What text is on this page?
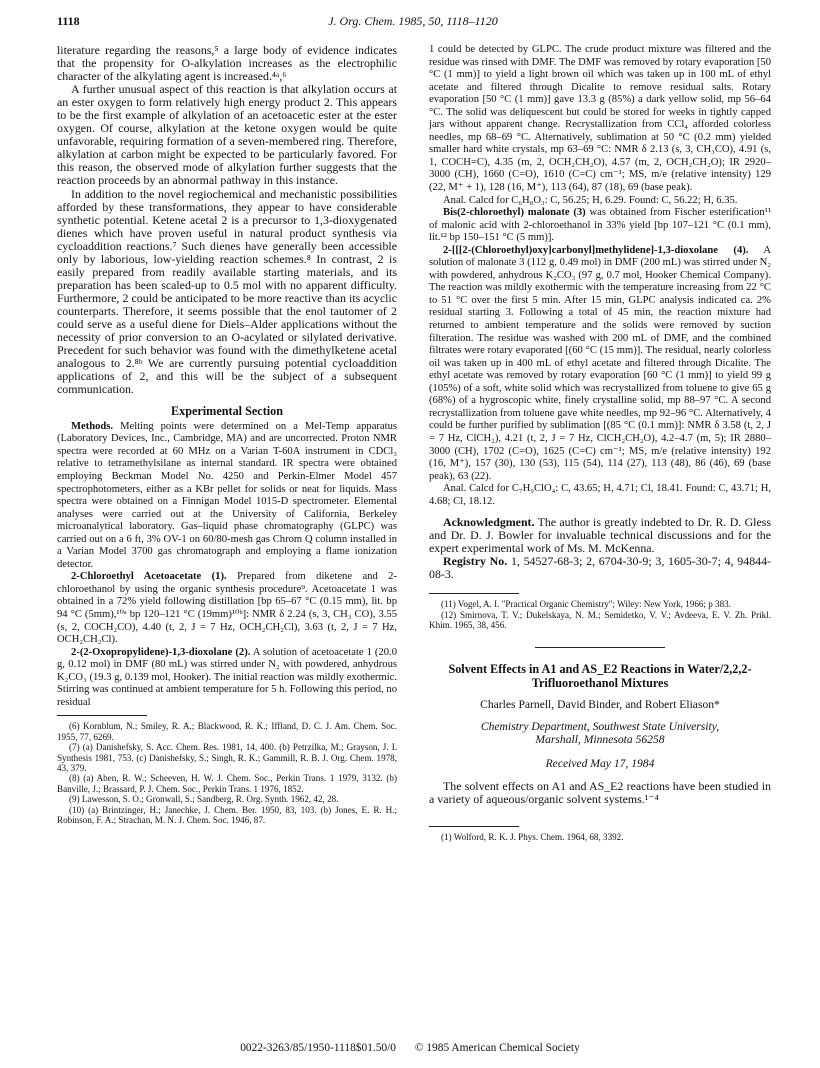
1118	J. Org. Chem. 1985, 50, 1118–1120

literature regarding the reasons,⁵ a large body of evidence indicates that the propensity for O-alkylation increases as the electrophilic character of the alkylating agent is increased.⁴ᵃ,⁶

A further unusual aspect of this reaction is that alkylation occurs at an ester oxygen to form relatively high energy product 2. This appears to be the first example of alkylation of an acetoacetic ester at the ester oxygen. Of course, alkylation at the ketone oxygen would be quite unfavorable, requiring formation of a seven-membered ring. Therefore, alkylation at carbon might be expected to be particularly favored. For this reason, the observed mode of alkylation further suggests that the reaction proceeds by an abnormal pathway in this instance.

In addition to the novel regiochemical and mechanistic possibilities afforded by these transformations, they appear to have considerable synthetic potential. Ketene acetal 2 is a precursor to 1,3-dioxygenated dienes which have proven useful in natural product synthesis via cycloaddition reactions.⁷ Such dienes have generally been accessible only by laborious, low-yielding reaction schemes.⁸ In contrast, 2 is easily prepared from readily available starting materials, and its preparation has been scaled-up to 0.5 mol with no apparent difficulty. Furthermore, 2 could be anticipated to be more reactive than its acyclic counterparts. Therefore, it seems possible that the enol tautomer of 2 could serve as a useful diene for Diels–Alder applications without the necessity of prior conversion to an O-acylated or silylated derivative. Precedent for such behavior was found with the dimethylketene acetal analogous to 2.⁸ᵇ We are currently pursuing potential cycloaddition applications of 2, and this will be the subject of a subsequent communication.

Experimental Section

Methods. Melting points were determined on a Mel-Temp apparatus (Laboratory Devices, Inc., Cambridge, MA) and are uncorrected. Proton NMR spectra were recorded at 60 MHz on a Varian T-60A instrument in CDCl₃ relative to tetramethylsilane as internal standard. IR spectra were obtained employing Beckman Model No. 4250 and Perkin-Elmer Model 457 spectrophotometers, either as a KBr pellet for solids or neat for liquids. Mass spectra were obtained on a Finnigan Model 1015-D spectrometer. Elemental analyses were carried out at the University of California, Berkeley microanalytical laboratory. Gas–liquid phase chromatography (GLPC) was carried out on a 6 ft, 3% OV-1 on 60/80-mesh gas Chrom Q column installed in a Varian Model 3700 gas chromatograph and employing a flame ionization detector.

2-Chloroethyl Acetoacetate (1). Prepared from diketene and 2-chloroethanol by using the organic synthesis procedure⁹. Acetoacetate 1 was obtained in a 72% yield following distillation [bp 65–67 °C (0.15 mm), lit. bp 94 °C (5mm),¹⁰ᵃ bp 120–121 °C (19mm)¹⁰ᵇ]: NMR δ 2.24 (s, 3, CH₃ CO), 3.55 (s, 2, COCH₂CO), 4.40 (t, 2, J = 7 Hz, OCH₂CH₂Cl), 3.63 (t, 2, J = 7 Hz, OCH₂CH₂Cl).

2-(2-Oxopropylidene)-1,3-dioxolane (2). A solution of acetoacetate 1 (20.0 g, 0.12 mol) in DMF (80 mL) was stirred under N₂ with powdered, anhydrous K₂CO₃ (19.3 g, 0.139 mol, Hooker). The initial reaction was mildly exothermic. Stirring was continued at ambient temperature for 5 h. Following this period, no residual

(6) Kornblum, N.; Smiley, R. A.; Blackwood, R. K.; Iffland, D. C. J. Am. Chem. Soc. 1955, 77, 6269.

(7) (a) Danishefsky, S. Acc. Chem. Res. 1981, 14, 400. (b) Petrzilka, M.; Grayson, J. I. Synthesis 1981, 753. (c) Danishefsky, S.; Singh, R. K.; Gammill, R. B. J. Org. Chem. 1978, 43, 379.

(8) (a) Aben, R. W.; Scheeven, H. W. J. Chem. Soc., Perkin Trans. 1 1979, 3132. (b) Banville, J.; Brassard, P. J. Chem. Soc., Perkin Trans. 1 1976, 1852.

(9) Lawesson, S. O.; Gronwall, S.; Sandberg, R. Org. Synth. 1962, 42, 28.

(10) (a) Brintzinger, H.; Janechke, J. Chem. Ber. 1950, 83, 103. (b) Jones, E. R. H.; Robinson, F. A.; Strachan, M. N. J. Chem. Soc. 1946, 87.

1 could be detected by GLPC. The crude product mixture was filtered and the residue was rinsed with DMF. The DMF was removed by rotary evaporation [50 °C (1 mm)] to yield a light brown oil which was taken up in 100 mL of ethyl acetate and filtered through Dicalite to remove residual salts. Rotary evaporation [50 °C (1 mm)] gave 13.3 g (85%) a dark yellow solid, mp 56–64 °C. The solid was deliquescent but could be stored for weeks in tightly capped jars without apparent change. Recrystallization from CCl₄ afforded colorless needles, mp 68–69 °C. Alternatively, sublimation at 50 °C (0.2 mm) yielded smaller hard white crystals, mp 63–69 °C: NMR δ 2.13 (s, 3, CH₃CO), 4.91 (s, 1, COCH=C), 4.35 (m, 2, OCH₂CH₂O), 4.57 (m, 2, OCH₂CH₂O); IR 2920–3000 (CH), 1660 (C=O), 1610 (C=C) cm⁻¹; MS, m/e (relative intensity) 129 (22, M⁺ + 1), 128 (16, M⁺), 113 (64), 87 (18), 69 (base peak).

Anal. Calcd for C₆H₈O₃: C, 56.25; H, 6.29. Found: C, 56.22; H, 6.35.

Bis(2-chloroethyl) malonate (3) was obtained from Fischer esterification¹¹ of malonic acid with 2-chloroethanol in 33% yield [bp 107–121 °C (0.1 mm), lit.¹² bp 150–151 °C (5 mm)].

2-[[[2-(Chloroethyl)oxy]carbonyl]methylidene]-1,3-dioxolane (4). A solution of malonate 3 (112 g, 0.49 mol) in DMF (200 mL) was stirred under N₂ with powdered, anhydrous K₂CO₃ (97 g, 0.7 mol, Hooker Chemical Company). The reaction was mildly exothermic with the temperature increasing from 22 °C to 51 °C over the first 5 min. After 15 min, GLPC analysis indicated ca. 2% residual starting 3. Following a total of 45 min, the reaction mixture had returned to ambient temperature and the solids were removed by suction filteration. The residue was washed with 200 mL of DMF, and the combined filtrates were rotary evaporated [(60 °C (15 mm)]. The residual, nearly colorless oil was taken up in 400 mL of ethyl acetate and filtered through Dicalite. The ethyl acetate was removed by rotary evaporation [60 °C (1 mm)] to yield 99 g (105%) of a soft, white solid which was recrystallized from toluene to give 65 g (68%) of a hygroscopic white, finely crystalline solid, mp 88–97 °C. A second recrystallization from toluene gave white needles, mp 92–96 °C. Alternatively, 4 could be further purified by sublimation [(85 °C (0.1 mm)]: NMR δ 3.58 (t, 2, J = 7 Hz, ClCH₂), 4.21 (t, 2, J = 7 Hz, ClCH₂CH₂O), 4.2–4.7 (m, 5); IR 2880–3000 (CH), 1702 (C=O), 1625 (C=C) cm⁻¹; MS, m/e (relative intensity) 192 (16, M⁺), 157 (30), 130 (53), 115 (54), 114 (27), 113 (48), 86 (46), 69 (base peak), 63 (22).

Anal. Calcd for C₇H₉ClO₄: C, 43.65; H, 4.71; Cl, 18.41. Found: C, 43.71; H, 4.68; Cl, 18.12.

Acknowledgment. The author is greatly indebted to Dr. R. D. Gless and Dr. D. J. Bowler for invaluable technical discussions and for the expert experimental work of Ms. M. McKenna.

Registry No. 1, 54527-68-3; 2, 6704-30-9; 3, 1605-30-7; 4, 94844-08-3.

(11) Vogel, A. I. "Practical Organic Chemistry"; Wiley: New York, 1966; p 383.

(12) Smirnova, T. V.; Dukelskaya, N. M.; Semidetko, V. V.; Avdeeva, E. V. Zh. Prikl. Khim. 1965, 38, 456.

Solvent Effects in A1 and AS_E2 Reactions in Water/2,2,2-Trifluoroethanol Mixtures
Charles Parnell, David Binder, and Robert Eliason*
Chemistry Department, Southwest State University,
Marshall, Minnesota 56258
Received May 17, 1984

The solvent effects on A1 and AS_E2 reactions have been studied in a variety of aqueous/organic solvent systems.¹⁻⁴

(1) Wolford, R. K. J. Phys. Chem. 1964, 68, 3392.

0022-3263/85/1950-1118$01.50/0 © 1985 American Chemical Society
